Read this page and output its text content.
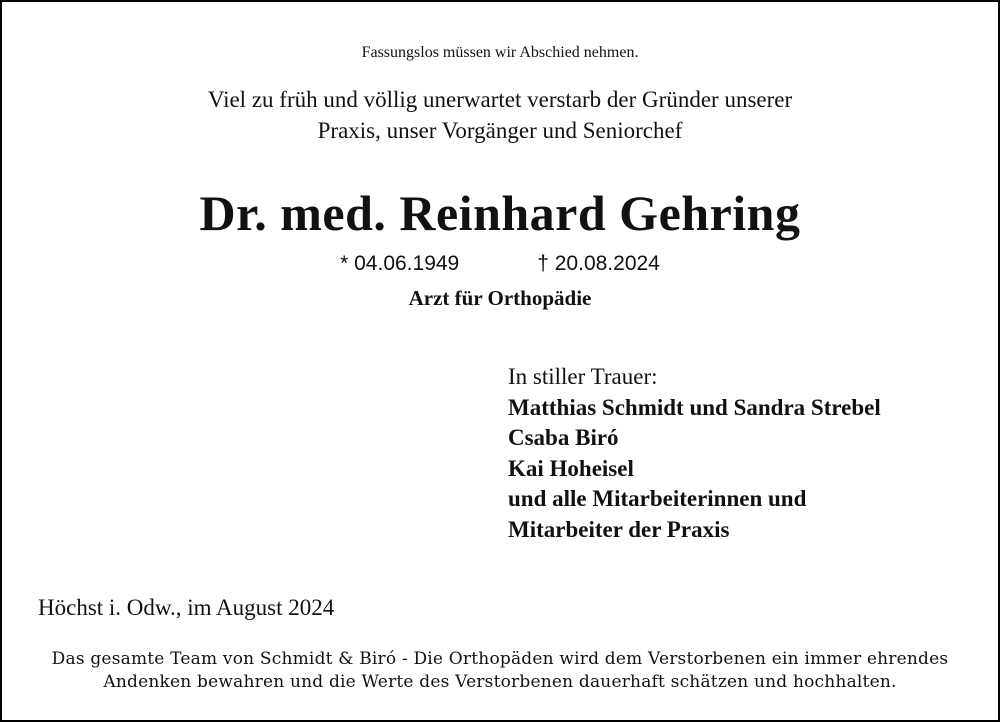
Fassungslos müssen wir Abschied nehmen.
Viel zu früh und völlig unerwartet verstarb der Gründer unserer
Praxis, unser Vorgänger und Seniorchef
Dr. med. Reinhard Gehring
* 04.06.1949	† 20.08.2024
Arzt für Orthopädie
In stiller Trauer:
Matthias Schmidt und Sandra Strebel
Csaba Biró
Kai Hoheisel
und alle Mitarbeiterinnen und
Mitarbeiter der Praxis
Höchst i. Odw., im August 2024
Das gesamte Team von Schmidt & Biró - Die Orthopäden wird dem Verstorbenen ein immer ehrendes
Andenken bewahren und die Werte des Verstorbenen dauerhaft schätzen und hochhalten.
